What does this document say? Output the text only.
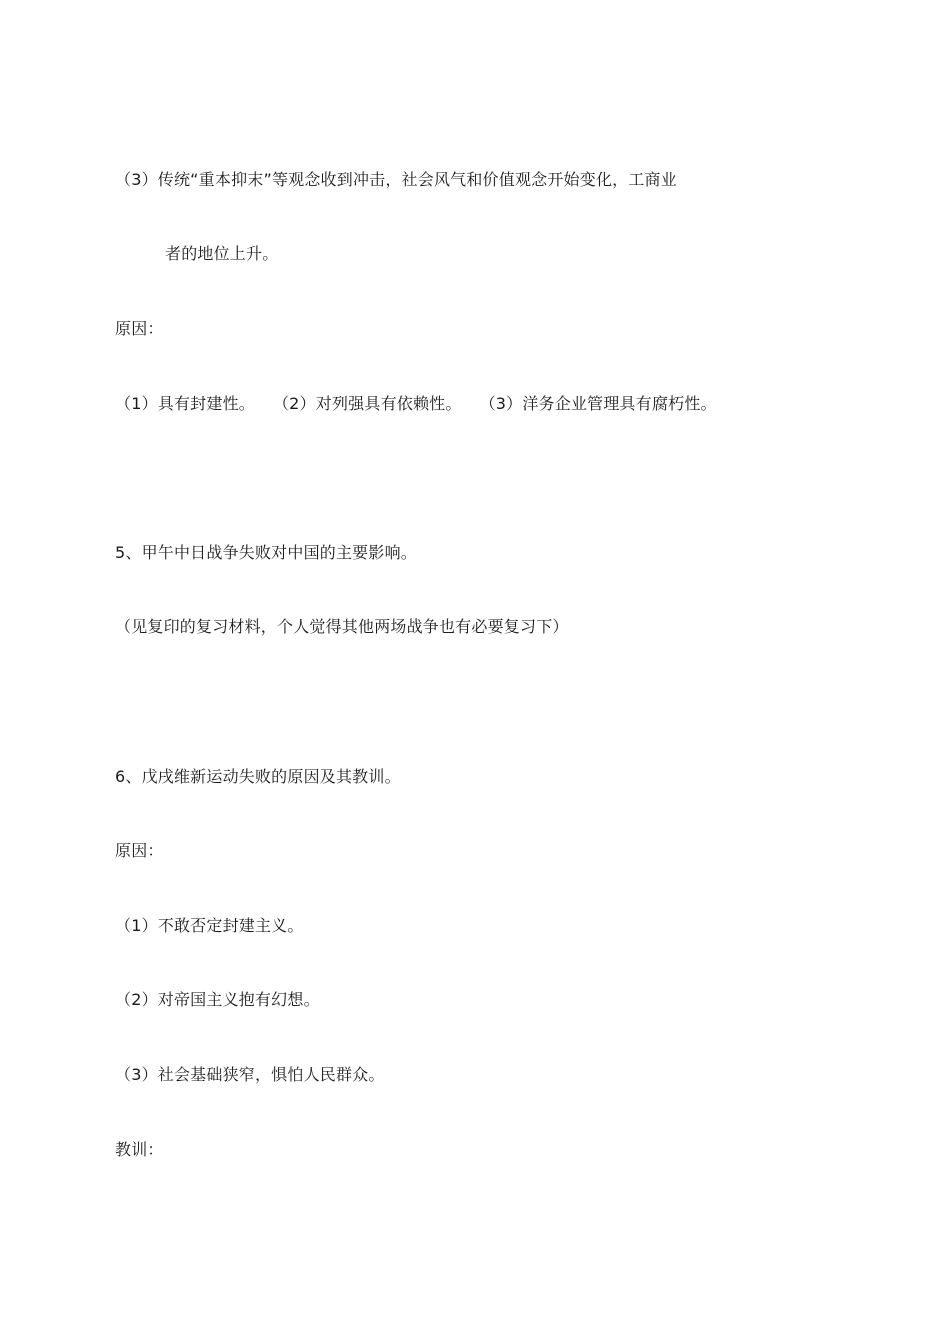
（3）传统“重本抑末”等观念收到冲击，社会风气和价值观念开始变化，工商业
者的地位上升。
原因：
（1）具有封建性。 （2）对列强具有依赖性。 （3）洋务企业管理具有腐朽性。
5、甲午中日战争失败对中国的主要影响。
（见复印的复习材料，个人觉得其他两场战争也有必要复习下）
6、戊戌维新运动失败的原因及其教训。
原因：
（1）不敢否定封建主义。
（2）对帝国主义抱有幻想。
（3）社会基础狭窄，惧怕人民群众。
教训：
